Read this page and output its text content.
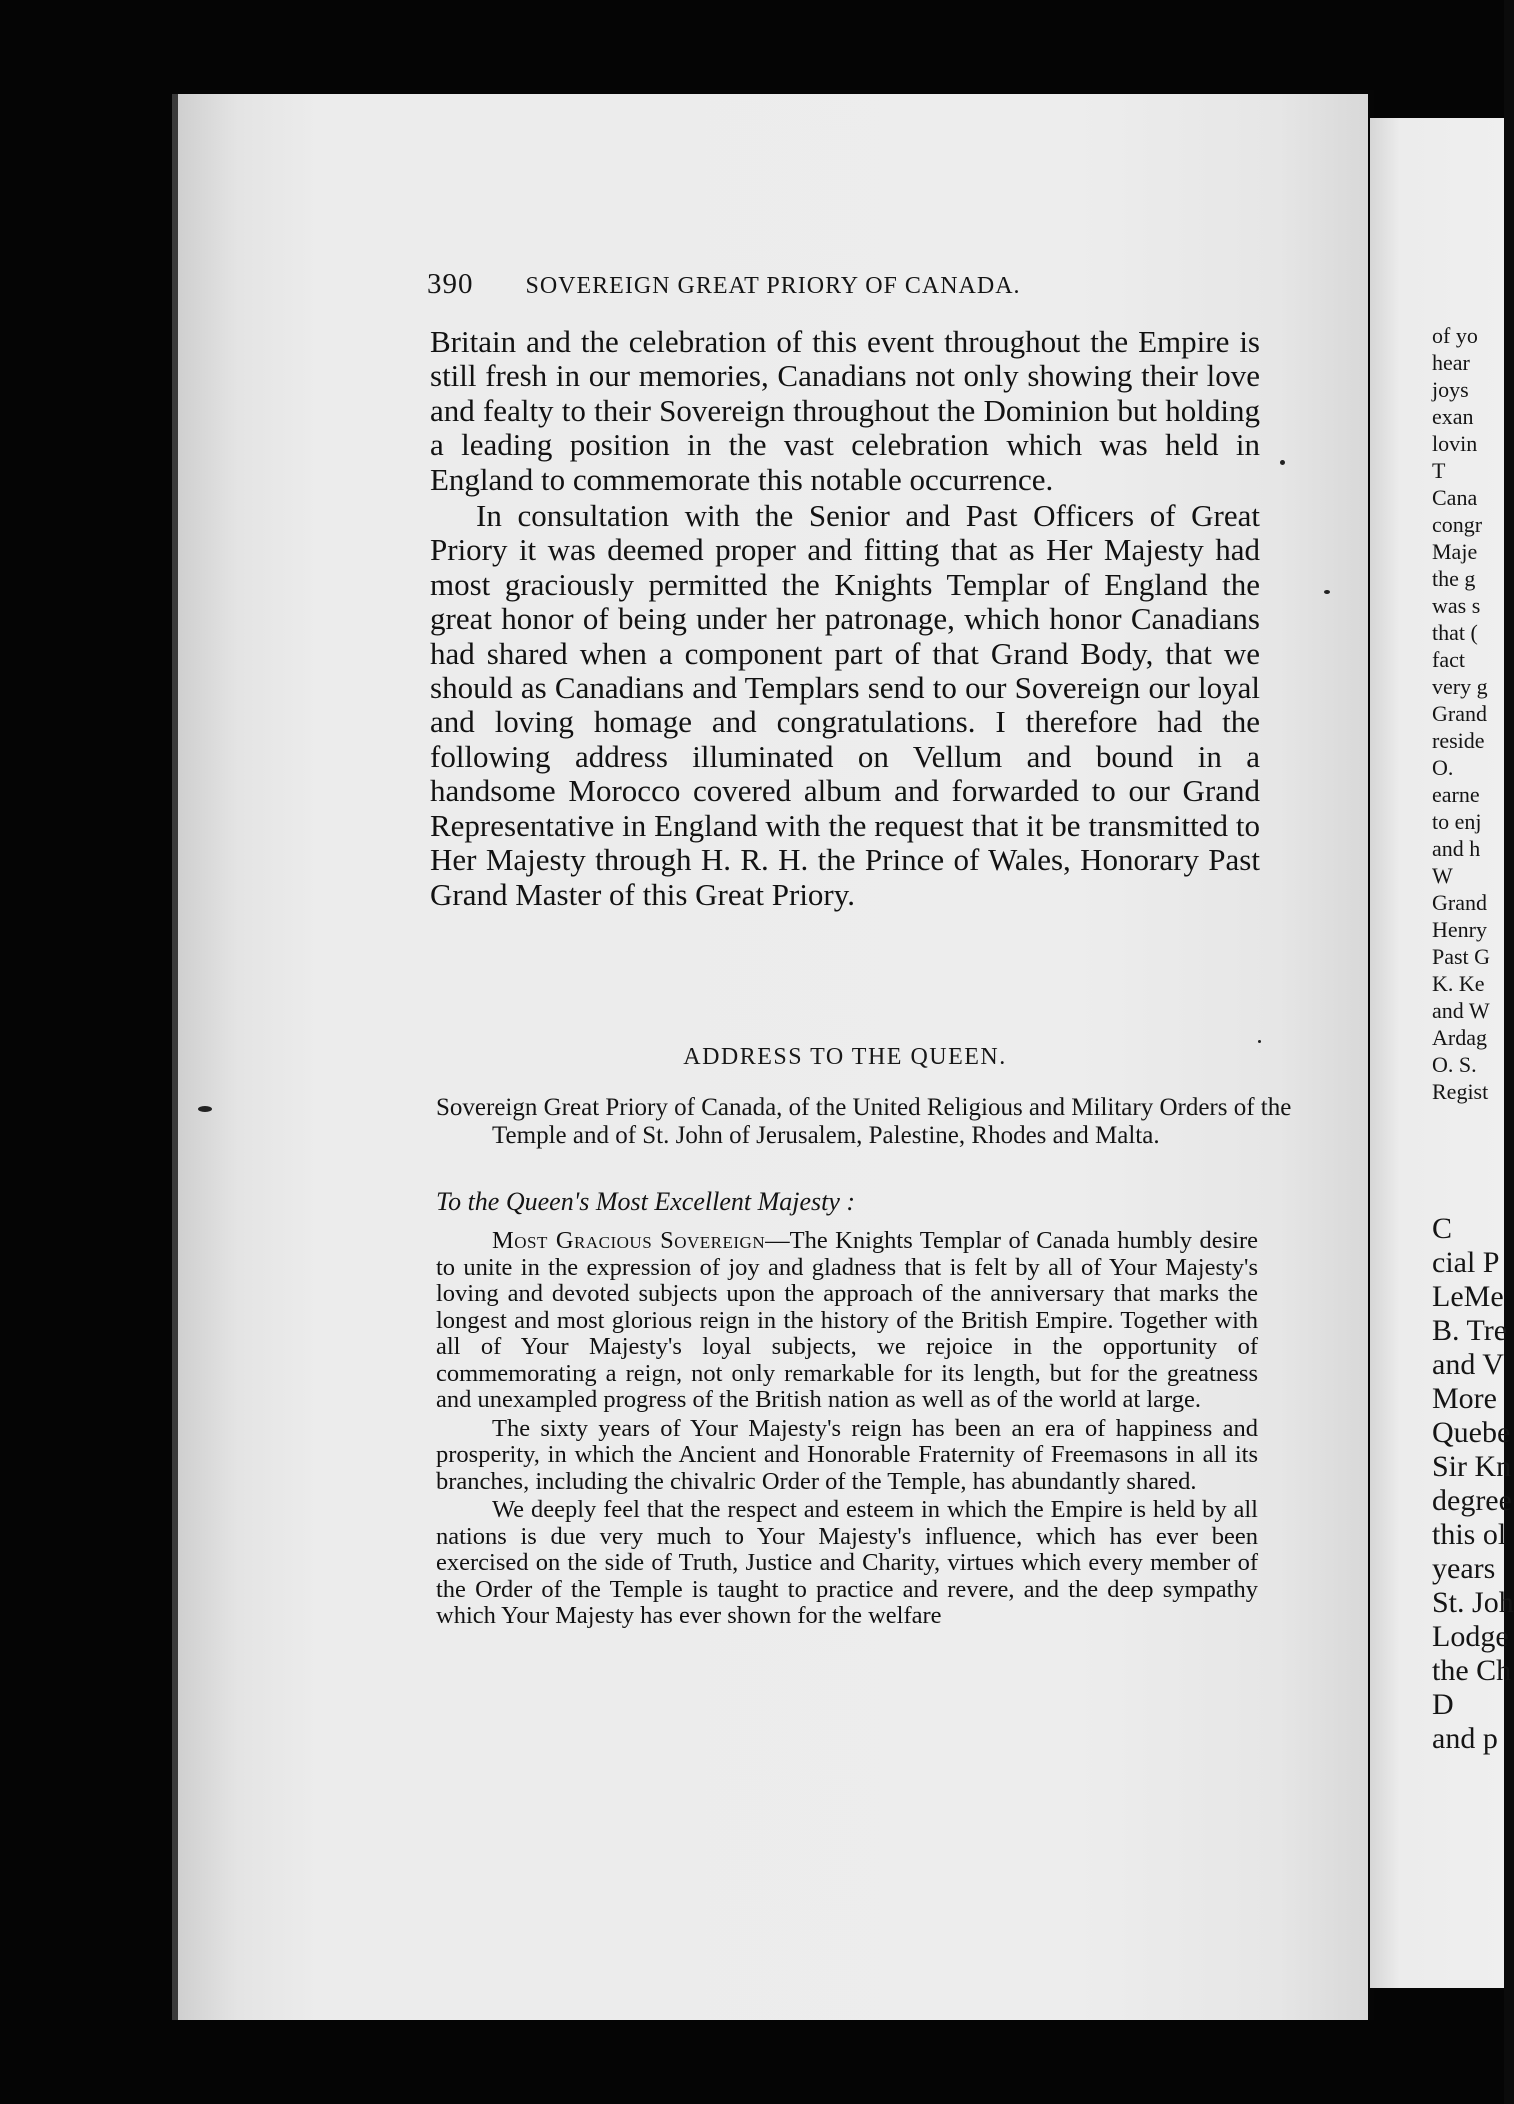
390 SOVEREIGN GREAT PRIORY OF CANADA.

Britain and the celebration of this event throughout the Empire is still fresh in our memories, Canadians not only showing their love and fealty to their Sovereign throughout the Dominion but holding a leading position in the vast celebration which was held in England to commemorate this notable occurrence.

In consultation with the Senior and Past Officers of Great Priory it was deemed proper and fitting that as Her Majesty had most graciously permitted the Knights Templar of England the great honor of being under her patronage, which honor Canadians had shared when a component part of that Grand Body, that we should as Canadians and Templars send to our Sovereign our loyal and loving homage and congratulations. I therefore had the following address illuminated on Vellum and bound in a handsome Morocco covered album and forwarded to our Grand Representative in England with the request that it be transmitted to Her Majesty through H. R. H. the Prince of Wales, Honorary Past Grand Master of this Great Priory.

ADDRESS TO THE QUEEN.
Sovereign Great Priory of Canada, of the United Religious and Military Orders of the Temple and of St. John of Jerusalem, Palestine, Rhodes and Malta.
To the Queen's Most Excellent Majesty :

Most Gracious Sovereign—The Knights Templar of Canada humbly desire to unite in the expression of joy and gladness that is felt by all of Your Majesty's loving and devoted subjects upon the approach of the anniversary that marks the longest and most glorious reign in the history of the British Empire. Together with all of Your Majesty's loyal subjects, we rejoice in the opportunity of commemorating a reign, not only remarkable for its length, but for the greatness and unexampled progress of the British nation as well as of the world at large.

The sixty years of Your Majesty's reign has been an era of happiness and prosperity, in which the Ancient and Honorable Fraternity of Freemasons in all its branches, including the chivalric Order of the Temple, has abundantly shared.

We deeply feel that the respect and esteem in which the Empire is held by all nations is due very much to Your Majesty's influence, which has ever been exercised on the side of Truth, Justice and Charity, virtues which every member of the Order of the Temple is taught to practice and revere, and the deep sympathy which Your Majesty has ever shown for the welfare

of yo
hear
joys
exan
lovin
T
Cana
congr
Maje
the g
was s
that (
fact
very g
Grand
reside
O.
earne
to enj
and h
W
Grand
Henry
Past G
K. Ke
and W
Ardag
O. S.
Regist
C
cial P
LeMe
B. Tre
and V
More
Quebe
Sir Kn
degree
this ol
years
St. Joh
Lodge
the Ch
D
and p
